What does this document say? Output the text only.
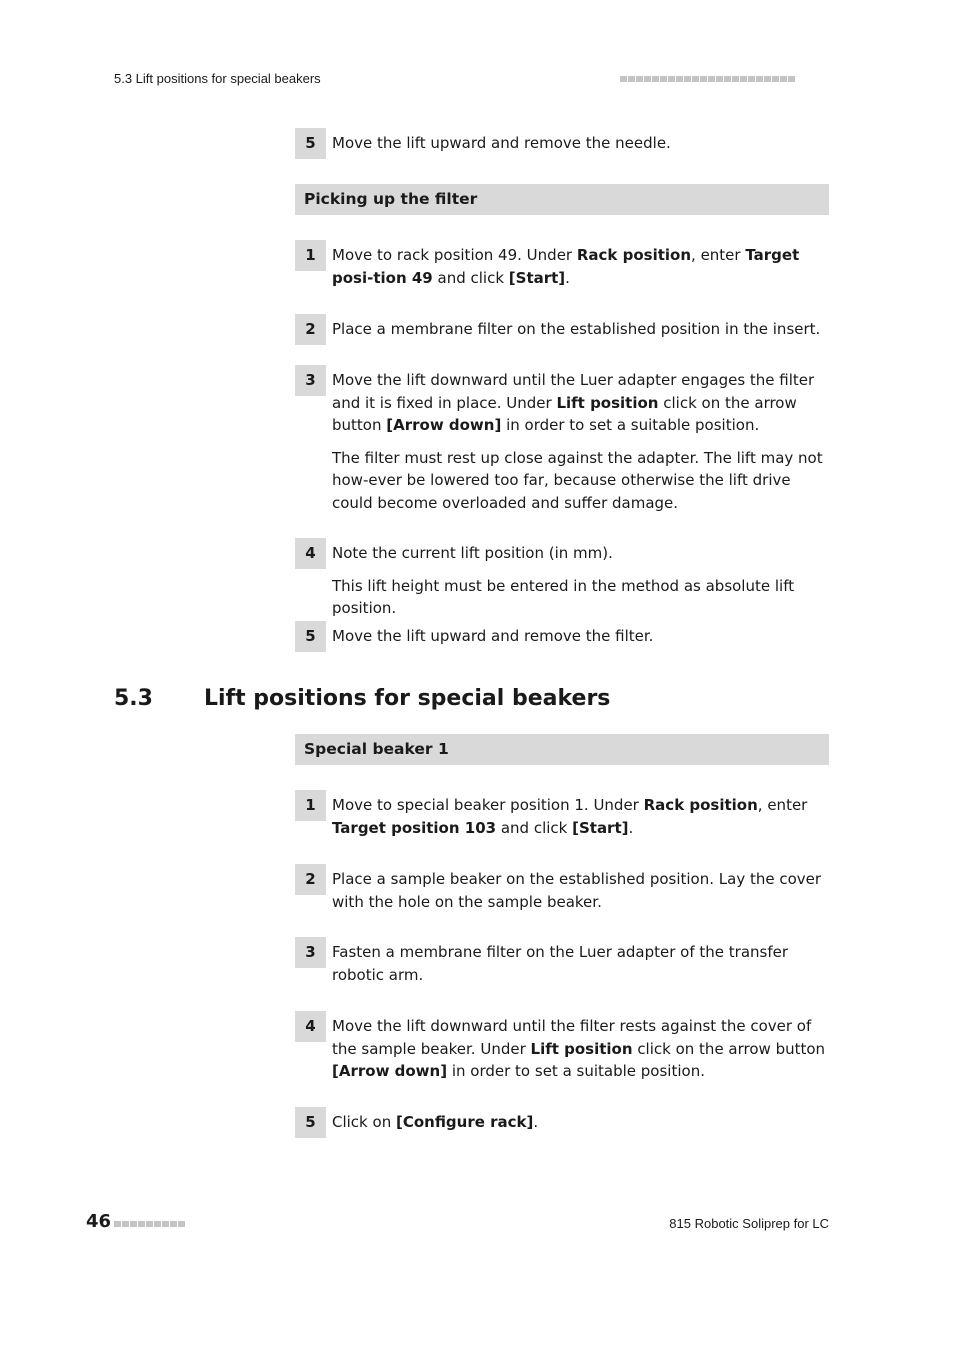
5.3 Lift positions for special beakers
5	Move the lift upward and remove the needle.

Picking up the filter
1	Move to rack position 49. Under Rack position, enter Target posi-tion 49 and click [Start].

2	Place a membrane filter on the established position in the insert.

3	Move the lift downward until the Luer adapter engages the filter and it is fixed in place. Under Lift position click on the arrow button [Arrow down] in order to set a suitable position.

The filter must rest up close against the adapter. The lift may not how-ever be lowered too far, because otherwise the lift drive could become overloaded and suffer damage.

4	Note the current lift position (in mm).

This lift height must be entered in the method as absolute lift position.

5	Move the lift upward and remove the filter.

5.3 Lift positions for special beakers
Special beaker 1
1	Move to special beaker position 1. Under Rack position, enter Target position 103 and click [Start].

2	Place a sample beaker on the established position. Lay the cover with the hole on the sample beaker.

3	Fasten a membrane filter on the Luer adapter of the transfer robotic arm.

4	Move the lift downward until the filter rests against the cover of the sample beaker. Under Lift position click on the arrow button [Arrow down] in order to set a suitable position.

5	Click on [Configure rack].

46	815 Robotic Soliprep for LC
